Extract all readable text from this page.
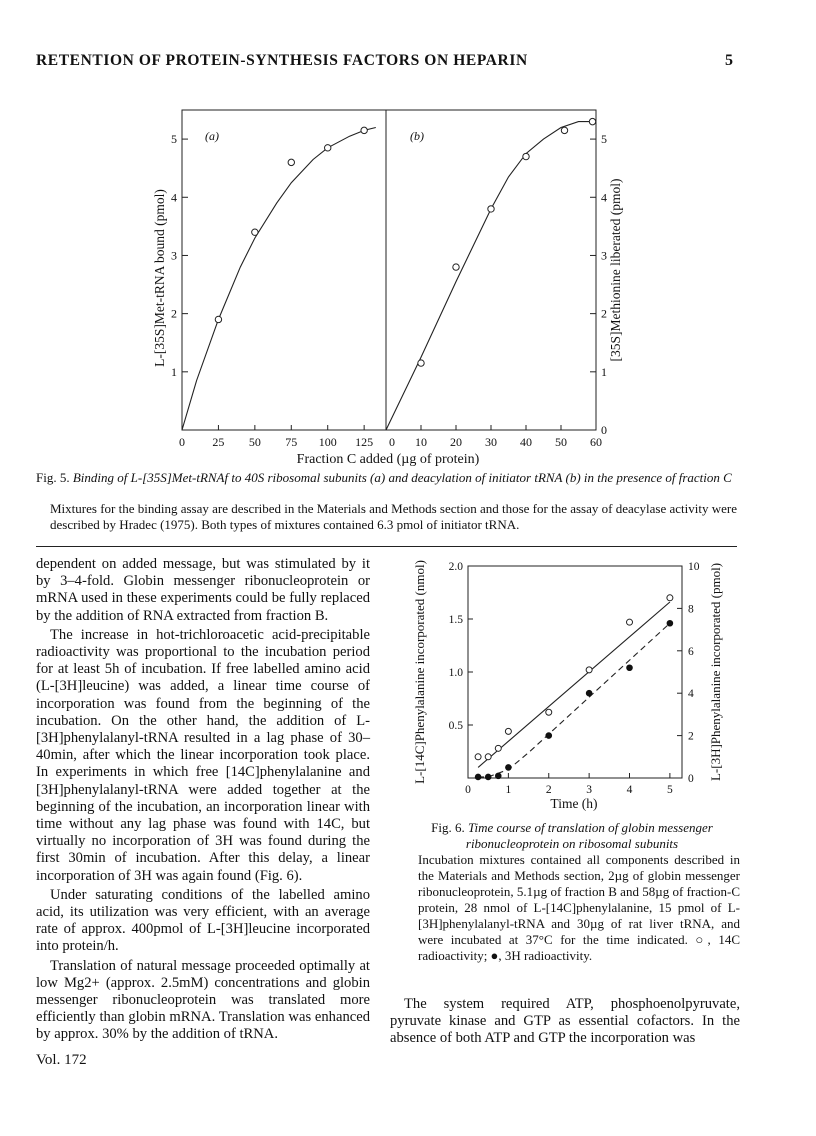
RETENTION OF PROTEIN-SYNTHESIS FACTORS ON HEPARIN	5
0 25 50 75 100 125
1
2
3
4
5
0 10 20 30 40 50 60
0
1
2
3
4
5
(a)	(b)
L-[35S]Met-tRNA bound (pmol)	[35S]Methionine liberated (pmol)
Fraction C added (µg of protein)
Fig. 5. Binding of L-[35S]Met-tRNAf to 40S ribosomal subunits (a) and deacylation of initiator tRNA (b) in the presence of fraction C
Mixtures for the binding assay are described in the Materials and Methods section and those for the assay of deacylase activity were described by Hradec (1975). Both types of mixtures contained 6.3 pmol of initiator tRNA.

dependent on added message, but was stimulated by it by 3–4-fold. Globin messenger ribonucleoprotein or mRNA used in these experiments could be fully replaced by the addition of RNA extracted from fraction B.

The increase in hot-trichloroacetic acid-precipitable radioactivity was proportional to the incubation period for at least 5h of incubation. If free labelled amino acid (L-[3H]leucine) was added, a linear time course of incorporation was found from the beginning of the incubation. On the other hand, the addition of L-[3H]phenylalanyl-tRNA resulted in a lag phase of 30–40min, after which the linear incorporation took place. In experiments in which free [14C]phenylalanine and [3H]phenylalanyl-tRNA were added together at the beginning of the incubation, an incorporation linear with time without any lag phase was found with 14C, but virtually no incorporation of 3H was found during the first 30min of incubation. After this delay, a linear incorporation of 3H was again found (Fig. 6).

Under saturating conditions of the labelled amino acid, its utilization was very efficient, with an average rate of approx. 400pmol of L-[3H]leucine incorporated into protein/h.

Translation of natural message proceeded optimally at low Mg2+ (approx. 2.5mM) concentrations and globin messenger ribonucleoprotein was translated more efficiently than globin mRNA. Translation was enhanced by approx. 30% by the addition of tRNA.

0	1	2	3	4	5
0.5
1.0
1.5
2.0
0
2
4
6
8
10
L-[14C]Phenylalanine incorporated (nmol)	L-[3H]Phenylalanine incorporated (pmol)
Time (h)
Fig. 6. Time course of translation of globin messenger ribonucleoprotein on ribosomal subunits
Incubation mixtures contained all components described in the Materials and Methods section, 2µg of globin messenger ribonucleoprotein, 5.1µg of fraction B and 58µg of fraction-C protein, 28 nmol of L-[14C]phenylalanine, 15 pmol of L-[3H]phenylalanyl-tRNA and 30µg of rat liver tRNA, and were incubated at 37°C for the time indicated. ○, 14C radioactivity; ●, 3H radioactivity.

The system required ATP, phosphoenolpyruvate, pyruvate kinase and GTP as essential cofactors. In the absence of both ATP and GTP the incorporation was

Vol. 172
